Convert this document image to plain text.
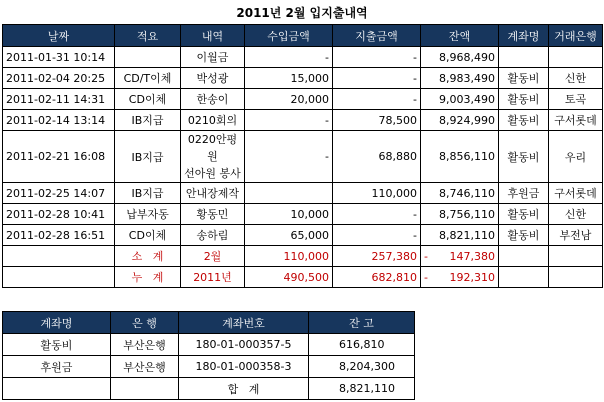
2011년 2월 입지출내역
날짜	적요	내역	수입금액	지출금액	잔액	계좌명	거래은행
2011-01-31 10:14		이월금	-	-	8,968,490		
2011-02-04 20:25	CD/T이체	박성광	15,000	-	8,983,490	활동비	신한
2011-02-11 14:31	CD이체	한송이	20,000	-	9,003,490	활동비	토곡
2011-02-14 13:14	IB지급	0210회의	-	78,500	8,924,990	활동비	구서롯데
2011-02-21 16:08	IB지급	0220안평원
선아원 봉사	-	68,880	8,856,110	활동비	우리
2011-02-25 14:07	IB지급	안내장제작		110,000	8,746,110	후원금	구서롯데
2011-02-28 10:41	납부자동	황동민	10,000	-	8,756,110	활동비	신한
2011-02-28 16:51	CD이체	송하림	65,000	-	8,821,110	활동비	부전남
	소   계	2월	110,000	257,380	- 147,380		

	누   계	2011년	490,500	682,810	- 192,310		

계좌명	은 행	계좌번호	잔 고
활동비	부산은행	180-01-000357-5	616,810
후원금	부산은행	180-01-000358-3	8,204,300
		합   계	8,821,110
